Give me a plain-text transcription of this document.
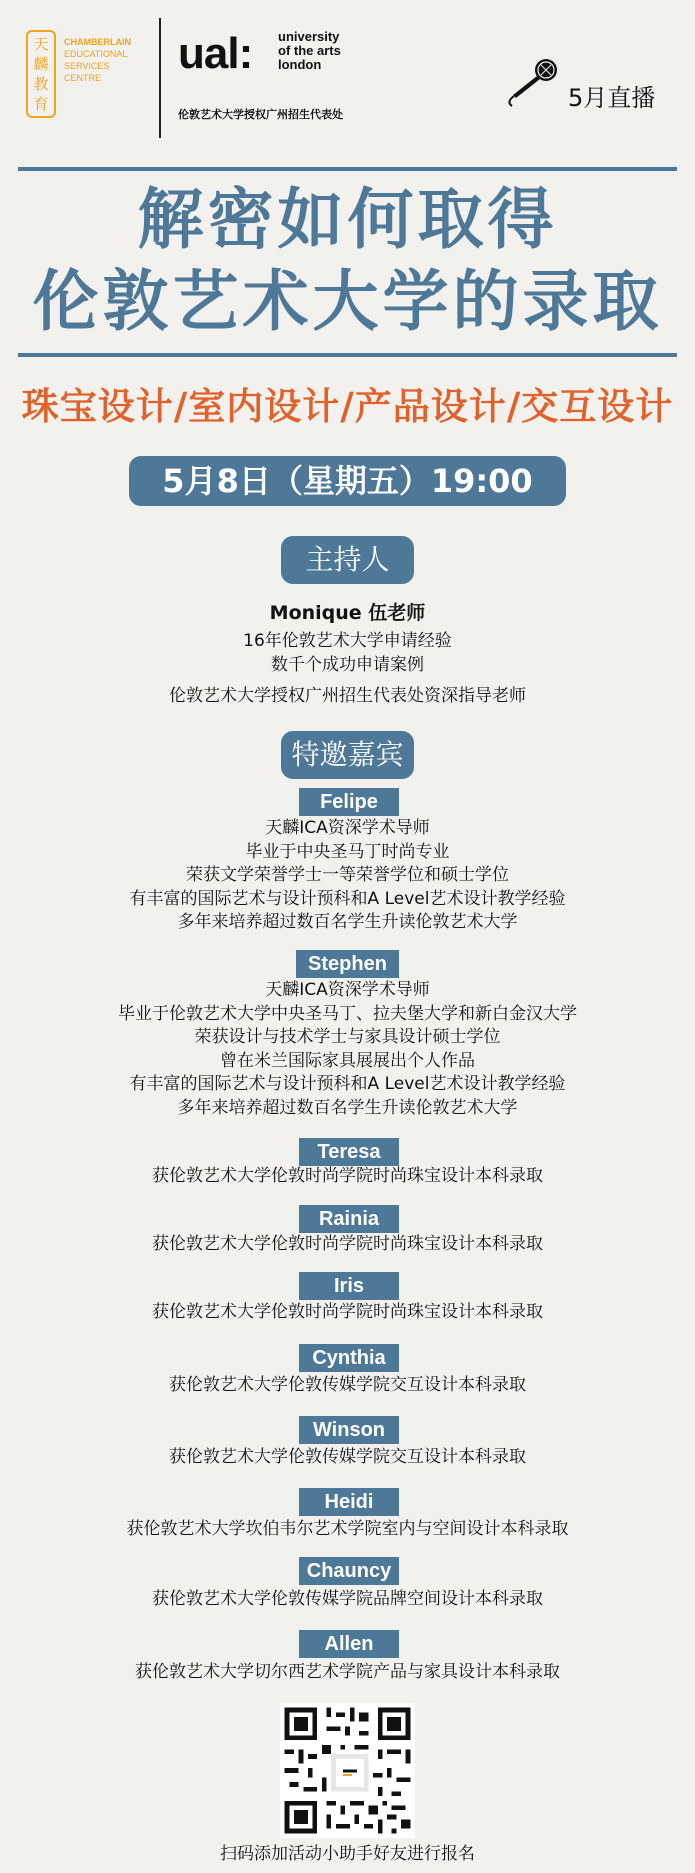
天
麟
教
育
CHAMBERLAIN
EDUCATIONAL
SERVICES
CENTRE	ual: university
of the arts
london
伦敦艺术大学授权广州招生代表处
5月直播
解密如何取得
伦敦艺术大学的录取
珠宝设计/室内设计/产品设计/交互设计
5月8日（星期五）19:00
主持人
Monique 伍老师
16年伦敦艺术大学申请经验
数千个成功申请案例
伦敦艺术大学授权广州招生代表处资深指导老师
特邀嘉宾
Felipe
天麟ICA资深学术导师
毕业于中央圣马丁时尚专业
荣获文学荣誉学士一等荣誉学位和硕士学位
有丰富的国际艺术与设计预科和A Level艺术设计教学经验
多年来培养超过数百名学生升读伦敦艺术大学
Stephen
天麟ICA资深学术导师
毕业于伦敦艺术大学中央圣马丁、拉夫堡大学和新白金汉大学
荣获设计与技术学士与家具设计硕士学位
曾在米兰国际家具展展出个人作品
有丰富的国际艺术与设计预科和A Level艺术设计教学经验
多年来培养超过数百名学生升读伦敦艺术大学
Teresa
获伦敦艺术大学伦敦时尚学院时尚珠宝设计本科录取
Rainia
获伦敦艺术大学伦敦时尚学院时尚珠宝设计本科录取
Iris
获伦敦艺术大学伦敦时尚学院时尚珠宝设计本科录取
Cynthia
获伦敦艺术大学伦敦传媒学院交互设计本科录取
Winson
获伦敦艺术大学伦敦传媒学院交互设计本科录取
Heidi
获伦敦艺术大学坎伯韦尔艺术学院室内与空间设计本科录取
Chauncy
获伦敦艺术大学伦敦传媒学院品牌空间设计本科录取
Allen
获伦敦艺术大学切尔西艺术学院产品与家具设计本科录取
扫码添加活动小助手好友进行报名
